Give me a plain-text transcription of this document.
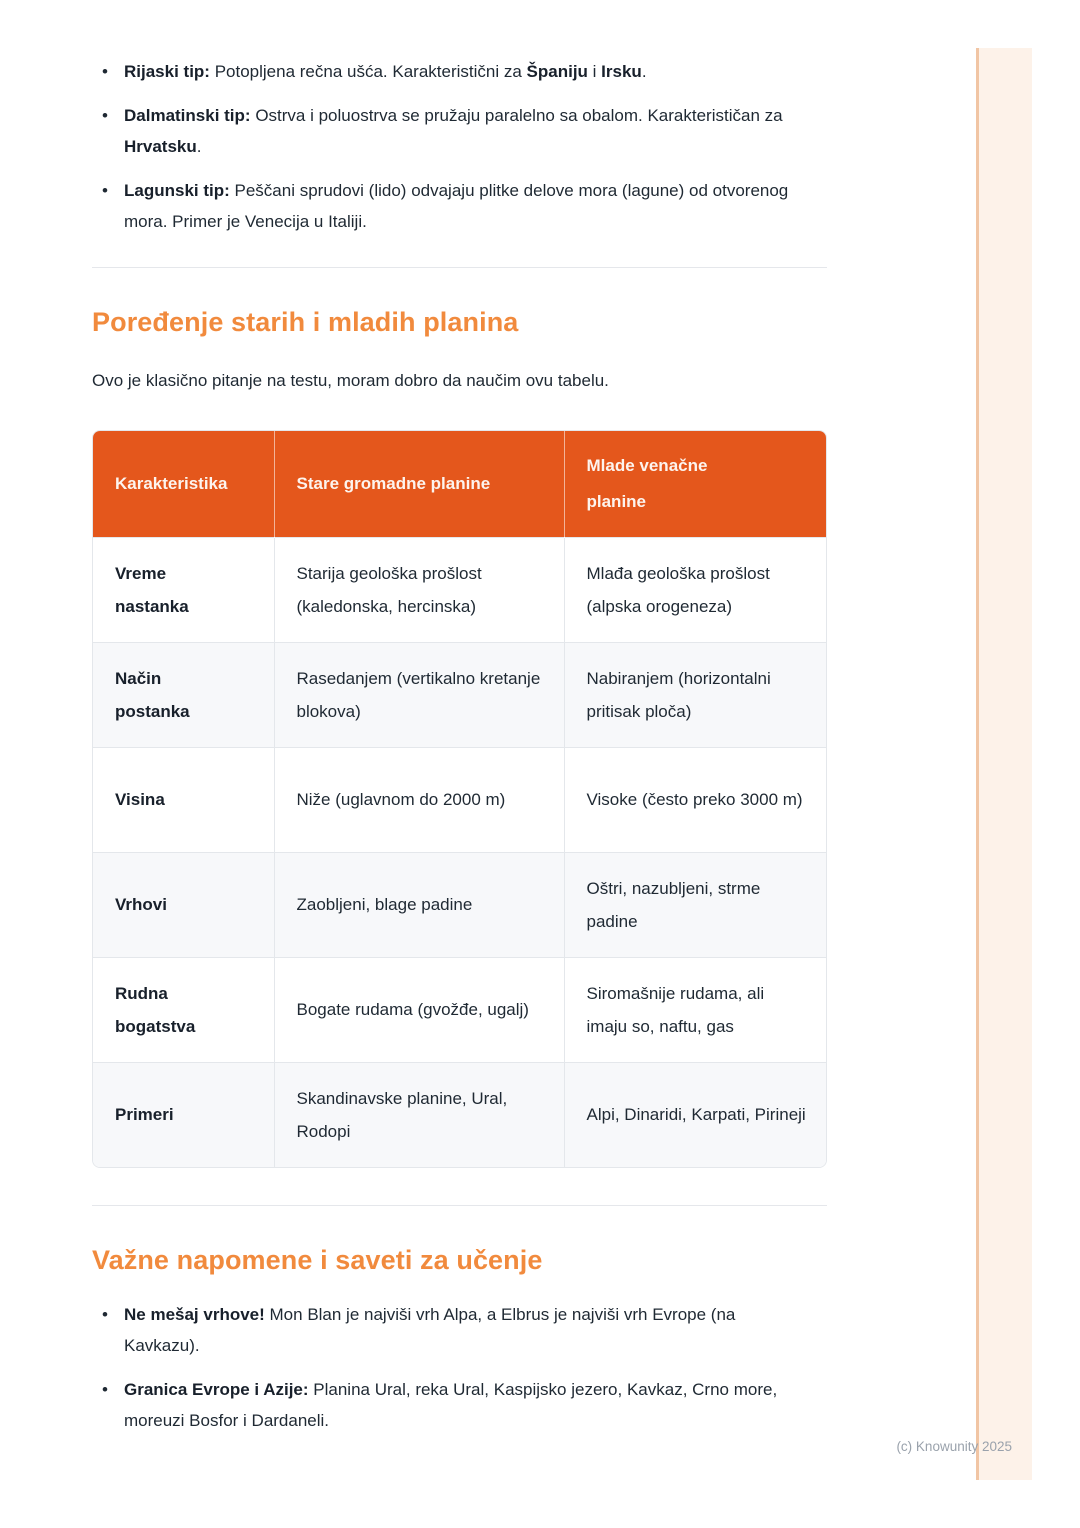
• Rijaski tip: Potopljena rečna ušća. Karakteristični za Španiju i Irsku.
• Dalmatinski tip: Ostrva i poluostrva se pružaju paralelno sa obalom. Karakterističan za Hrvatsku.
• Lagunski tip: Peščani sprudovi (lido) odvajaju plitke delove mora (lagune) od otvorenog mora. Primer je Venecija u Italiji.
Poređenje starih i mladih planina

Ovo je klasično pitanje na testu, moram dobro da naučim ovu tabelu.

Karakteristika	Stare gromadne planine	Mlade venačne planine
Vreme nastanka	Starija geološka prošlost (kaledonska, hercinska)	Mlađa geološka prošlost (alpska orogeneza)
Način postanka	Rasedanjem (vertikalno kretanje blokova)	Nabiranjem (horizontalni pritisak ploča)
Visina	Niže (uglavnom do 2000 m)	Visoke (često preko 3000 m)
Vrhovi	Zaobljeni, blage padine	Oštri, nazubljeni, strme padine
Rudna bogatstva	Bogate rudama (gvožđe, ugalj)	Siromašnije rudama, ali imaju so, naftu, gas
Primeri	Skandinavske planine, Ural, Rodopi	Alpi, Dinaridi, Karpati, Pirineji
Važne napomene i saveti za učenje
• Ne mešaj vrhove! Mon Blan je najviši vrh Alpa, a Elbrus je najviši vrh Evrope (na Kavkazu).
• Granica Evrope i Azije: Planina Ural, reka Ural, Kaspijsko jezero, Kavkaz, Crno more, moreuzi Bosfor i Dardaneli.
(c) Knowunity 2025
